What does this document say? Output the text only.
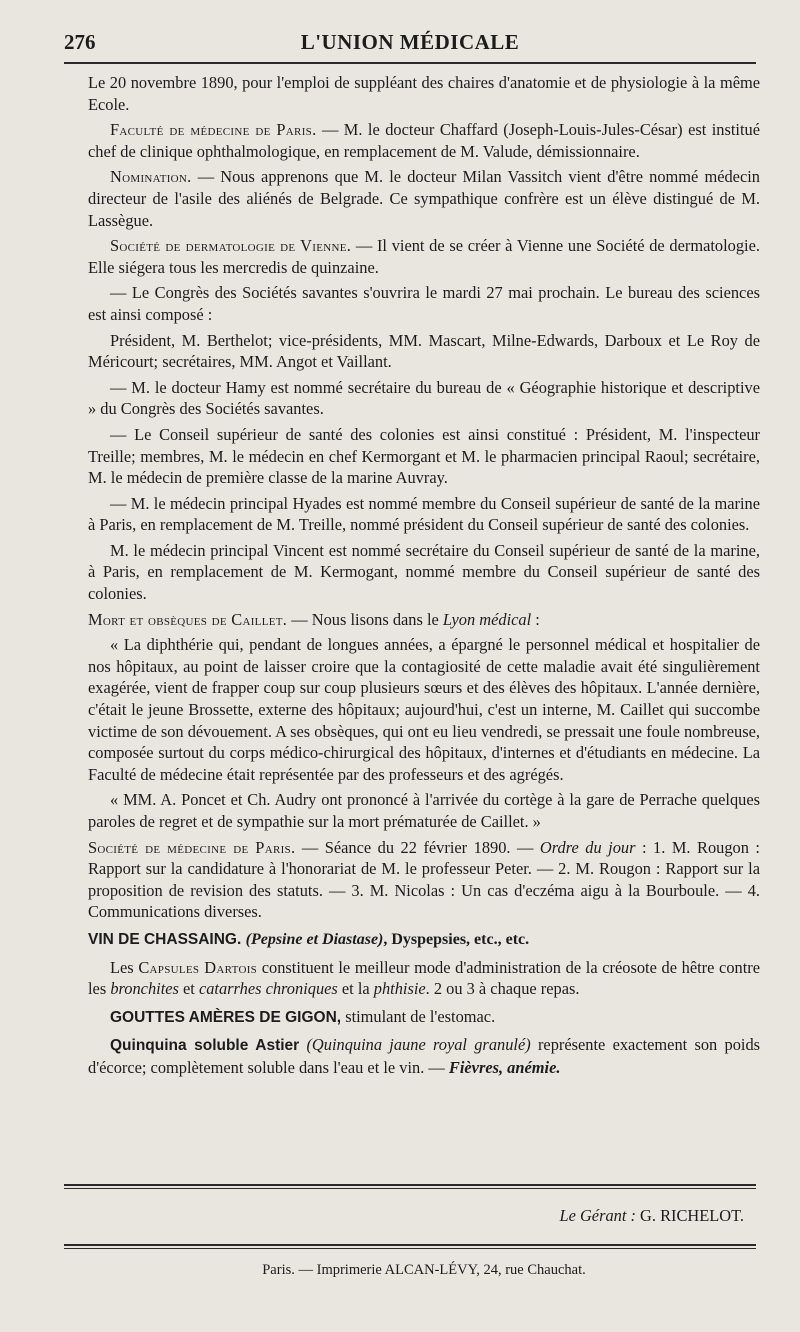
276	L'UNION MÉDICALE

Le 20 novembre 1890, pour l'emploi de suppléant des chaires d'anatomie et de physiologie à la même Ecole.

Faculté de médecine de Paris. — M. le docteur Chaffard (Joseph-Louis-Jules-César) est institué chef de clinique ophthalmologique, en remplacement de M. Valude, démissionnaire.

Nomination. — Nous apprenons que M. le docteur Milan Vassitch vient d'être nommé médecin directeur de l'asile des aliénés de Belgrade. Ce sympathique confrère est un élève distingué de M. Lassègue.

Société de dermatologie de Vienne. — Il vient de se créer à Vienne une Société de dermatologie. Elle siégera tous les mercredis de quinzaine.

— Le Congrès des Sociétés savantes s'ouvrira le mardi 27 mai prochain. Le bureau des sciences est ainsi composé :

Président, M. Berthelot; vice-présidents, MM. Mascart, Milne-Edwards, Darboux et Le Roy de Méricourt; secrétaires, MM. Angot et Vaillant.

— M. le docteur Hamy est nommé secrétaire du bureau de « Géographie historique et descriptive » du Congrès des Sociétés savantes.

— Le Conseil supérieur de santé des colonies est ainsi constitué : Président, M. l'inspecteur Treille; membres, M. le médecin en chef Kermorgant et M. le pharmacien principal Raoul; secrétaire, M. le médecin de première classe de la marine Auvray.

— M. le médecin principal Hyades est nommé membre du Conseil supérieur de santé de la marine à Paris, en remplacement de M. Treille, nommé président du Conseil supérieur de santé des colonies.

M. le médecin principal Vincent est nommé secrétaire du Conseil supérieur de santé de la marine, à Paris, en remplacement de M. Kermogant, nommé membre du Conseil supérieur de santé des colonies.

Mort et obsèques de Caillet. — Nous lisons dans le Lyon médical :

« La diphthérie qui, pendant de longues années, a épargné le personnel médical et hospitalier de nos hôpitaux, au point de laisser croire que la contagiosité de cette maladie avait été singulièrement exagérée, vient de frapper coup sur coup plusieurs sœurs et des élèves des hôpitaux. L'année dernière, c'était le jeune Brossette, externe des hôpitaux; aujourd'hui, c'est un interne, M. Caillet qui succombe victime de son dévouement. A ses obsèques, qui ont eu lieu vendredi, se pressait une foule nombreuse, composée surtout du corps médico-chirurgical des hôpitaux, d'internes et d'étudiants en médecine. La Faculté de médecine était représentée par des professeurs et des agrégés.

« MM. A. Poncet et Ch. Audry ont prononcé à l'arrivée du cortège à la gare de Perrache quelques paroles de regret et de sympathie sur la mort prématurée de Caillet. »

Société de médecine de Paris. — Séance du 22 février 1890. — Ordre du jour : 1. M. Rougon : Rapport sur la candidature à l'honorariat de M. le professeur Peter. — 2. M. Rougon : Rapport sur la proposition de revision des statuts. — 3. M. Nicolas : Un cas d'eczéma aigu à la Bourboule. — 4. Communications diverses.

VIN DE CHASSAING. (Pepsine et Diastase), Dyspepsies, etc., etc.

Les Capsules Dartois constituent le meilleur mode d'administration de la créosote de hêtre contre les bronchites et catarrhes chroniques et la phthisie. 2 ou 3 à chaque repas.

GOUTTES AMÈRES DE GIGON, stimulant de l'estomac.

Quinquina soluble Astier (Quinquina jaune royal granulé) représente exactement son poids d'écorce; complètement soluble dans l'eau et le vin. — Fièvres, anémie.

Le Gérant : G. RICHELOT.
Paris. — Imprimerie ALCAN-LÉVY, 24, rue Chauchat.
